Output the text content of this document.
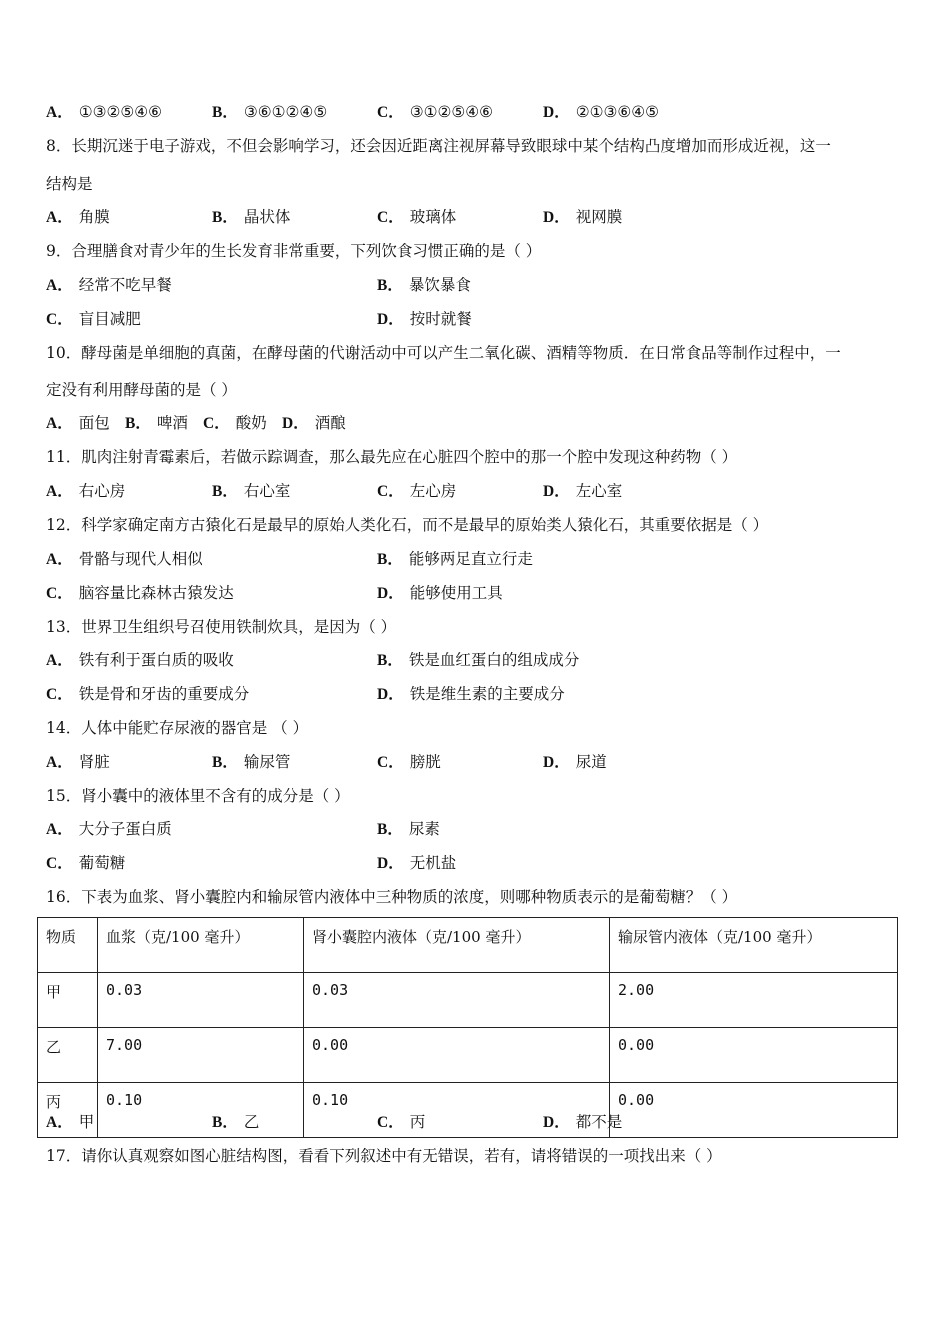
A． ①③②⑤④⑥	B． ③⑥①②④⑤	C． ③①②⑤④⑥	D． ②①③⑥④⑤
8．长期沉迷于电子游戏，不但会影响学习，还会因近距离注视屏幕导致眼球中某个结构凸度增加而形成近视，这一
结构是
A． 角膜	B． 晶状体	C． 玻璃体	D． 视网膜
9．合理膳食对青少年的生长发育非常重要，下列饮食习惯正确的是（ ）
A． 经常不吃早餐	B． 暴饮暴食
C． 盲目减肥	D． 按时就餐
10．酵母菌是单细胞的真菌，在酵母菌的代谢活动中可以产生二氧化碳、酒精等物质．在日常食品等制作过程中，一
定没有利用酵母菌的是（ ）
A． 面包 B． 啤酒 C． 酸奶 D． 酒酿
11．肌肉注射青霉素后，若做示踪调查，那么最先应在心脏四个腔中的那一个腔中发现这种药物（ ）
A． 右心房	B． 右心室	C． 左心房	D． 左心室
12．科学家确定南方古猿化石是最早的原始人类化石，而不是最早的原始类人猿化石，其重要依据是（ ）
A． 骨骼与现代人相似	B． 能够两足直立行走
C． 脑容量比森林古猿发达	D． 能够使用工具
13．世界卫生组织号召使用铁制炊具，是因为（ ）
A． 铁有利于蛋白质的吸收	B． 铁是血红蛋白的组成成分
C． 铁是骨和牙齿的重要成分	D． 铁是维生素的主要成分
14．人体中能贮存尿液的器官是 （ ）
A． 肾脏	B． 输尿管	C． 膀胱	D． 尿道
15．肾小囊中的液体里不含有的成分是（ ）
A． 大分子蛋白质	B． 尿素
C． 葡萄糖	D． 无机盐
16．下表为血浆、肾小囊腔内和输尿管内液体中三种物质的浓度，则哪种物质表示的是葡萄糖？（ ）
物质	血浆（克/100 毫升）	肾小囊腔内液体（克/100 毫升）	输尿管内液体（克/100 毫升）
甲	0.03	0.03	2.00
乙	7.00	0.00	0.00
丙	0.10	0.10	0.00
A． 甲	B． 乙	C． 丙	D． 都不是
17．请你认真观察如图心脏结构图，看看下列叙述中有无错误，若有，请将错误的一项找出来（ ）
